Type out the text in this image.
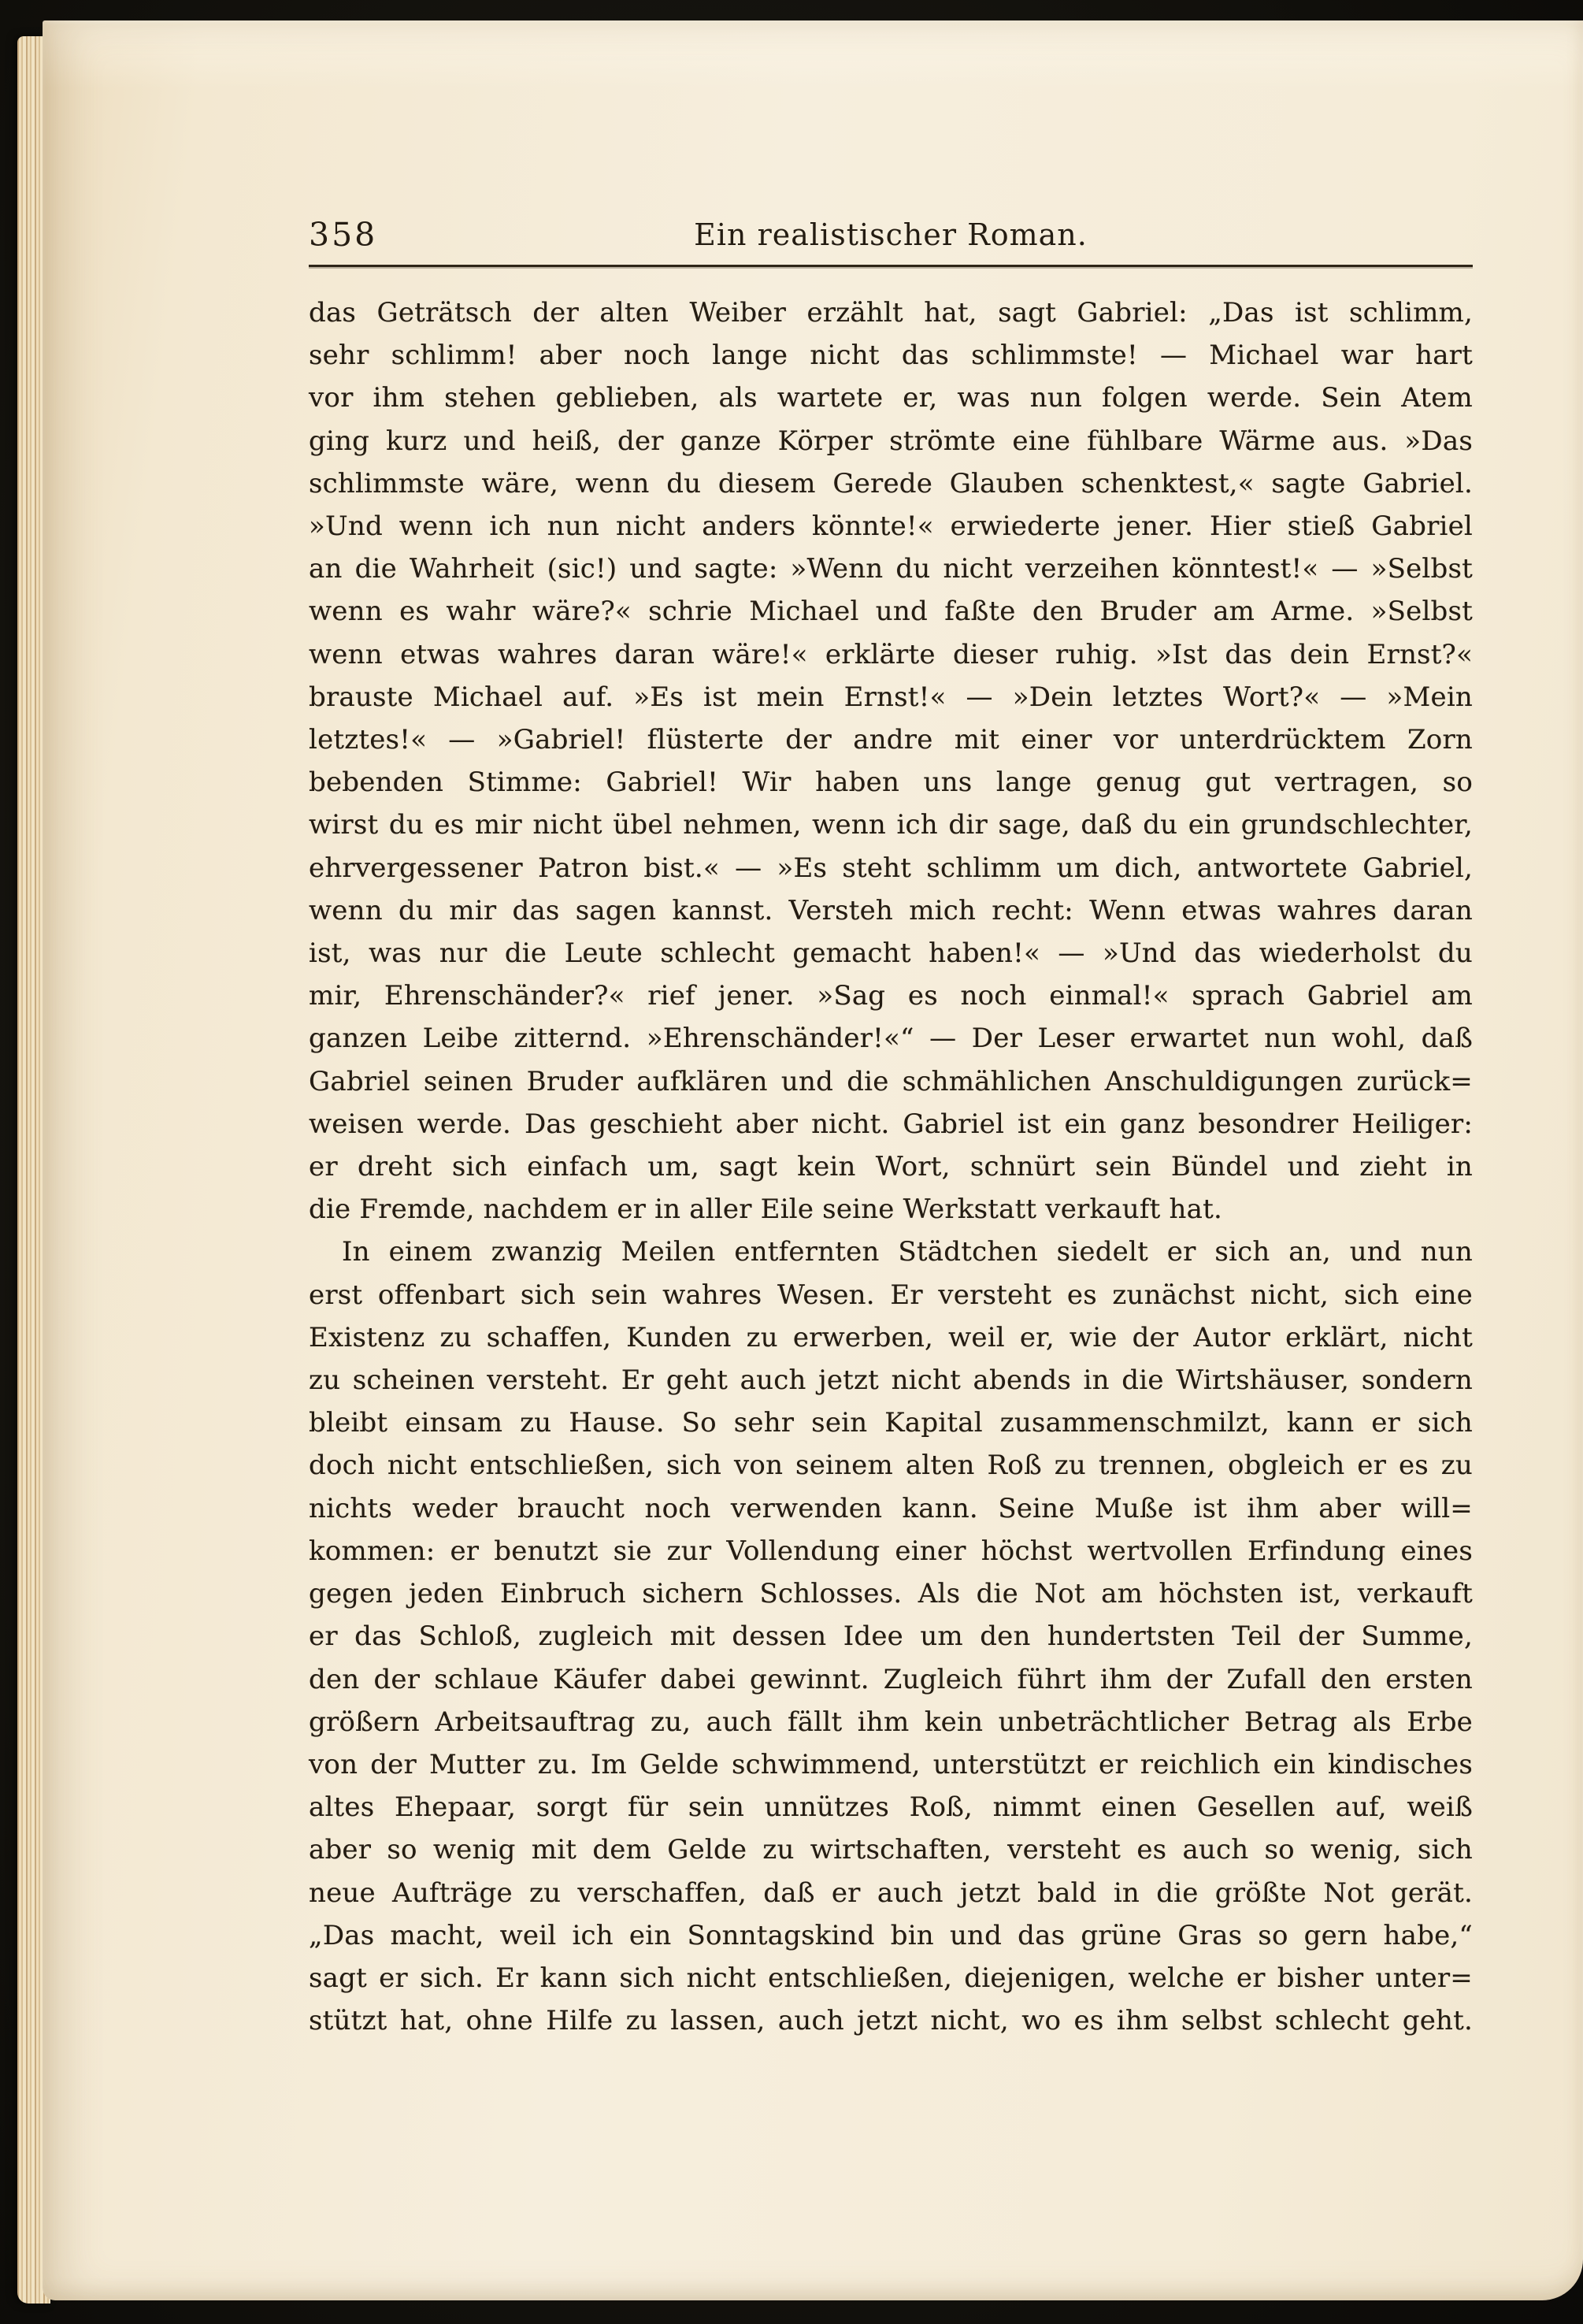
358	Ein realistischer Roman.
das Geträtsch der alten Weiber erzählt hat, sagt Gabriel: „Das ist schlimm,
sehr schlimm! aber noch lange nicht das schlimmste! — Michael war hart
vor ihm stehen geblieben, als wartete er, was nun folgen werde. Sein Atem
ging kurz und heiß, der ganze Körper strömte eine fühlbare Wärme aus. »Das
schlimmste wäre, wenn du diesem Gerede Glauben schenktest,« sagte Gabriel.
»Und wenn ich nun nicht anders könnte!« erwiederte jener. Hier stieß Gabriel
an die Wahrheit (sic!) und sagte: »Wenn du nicht verzeihen könntest!« — »Selbst
wenn es wahr wäre?« schrie Michael und faßte den Bruder am Arme. »Selbst
wenn etwas wahres daran wäre!« erklärte dieser ruhig. »Ist das dein Ernst?«
brauste Michael auf. »Es ist mein Ernst!« — »Dein letztes Wort?« — »Mein
letztes!« — »Gabriel! flüsterte der andre mit einer vor unterdrücktem Zorn
bebenden Stimme: Gabriel! Wir haben uns lange genug gut vertragen, so
wirst du es mir nicht übel nehmen, wenn ich dir sage, daß du ein grundschlechter,
ehrvergessener Patron bist.« — »Es steht schlimm um dich, antwortete Gabriel,
wenn du mir das sagen kannst. Versteh mich recht: Wenn etwas wahres daran
ist, was nur die Leute schlecht gemacht haben!« — »Und das wiederholst du
mir, Ehrenschänder?« rief jener. »Sag es noch einmal!« sprach Gabriel am
ganzen Leibe zitternd. »Ehrenschänder!«“ — Der Leser erwartet nun wohl, daß
Gabriel seinen Bruder aufklären und die schmählichen Anschuldigungen zurück=
weisen werde. Das geschieht aber nicht. Gabriel ist ein ganz besondrer Heiliger:
er dreht sich einfach um, sagt kein Wort, schnürt sein Bündel und zieht in
die Fremde, nachdem er in aller Eile seine Werkstatt verkauft hat.
In einem zwanzig Meilen entfernten Städtchen siedelt er sich an, und nun
erst offenbart sich sein wahres Wesen. Er versteht es zunächst nicht, sich eine
Existenz zu schaffen, Kunden zu erwerben, weil er, wie der Autor erklärt, nicht
zu scheinen versteht. Er geht auch jetzt nicht abends in die Wirtshäuser, sondern
bleibt einsam zu Hause. So sehr sein Kapital zusammenschmilzt, kann er sich
doch nicht entschließen, sich von seinem alten Roß zu trennen, obgleich er es zu
nichts weder braucht noch verwenden kann. Seine Muße ist ihm aber will=
kommen: er benutzt sie zur Vollendung einer höchst wertvollen Erfindung eines
gegen jeden Einbruch sichern Schlosses. Als die Not am höchsten ist, verkauft
er das Schloß, zugleich mit dessen Idee um den hundertsten Teil der Summe,
den der schlaue Käufer dabei gewinnt. Zugleich führt ihm der Zufall den ersten
größern Arbeitsauftrag zu, auch fällt ihm kein unbeträchtlicher Betrag als Erbe
von der Mutter zu. Im Gelde schwimmend, unterstützt er reichlich ein kindisches
altes Ehepaar, sorgt für sein unnützes Roß, nimmt einen Gesellen auf, weiß
aber so wenig mit dem Gelde zu wirtschaften, versteht es auch so wenig, sich
neue Aufträge zu verschaffen, daß er auch jetzt bald in die größte Not gerät.
„Das macht, weil ich ein Sonntagskind bin und das grüne Gras so gern habe,“
sagt er sich. Er kann sich nicht entschließen, diejenigen, welche er bisher unter=
stützt hat, ohne Hilfe zu lassen, auch jetzt nicht, wo es ihm selbst schlecht geht.
